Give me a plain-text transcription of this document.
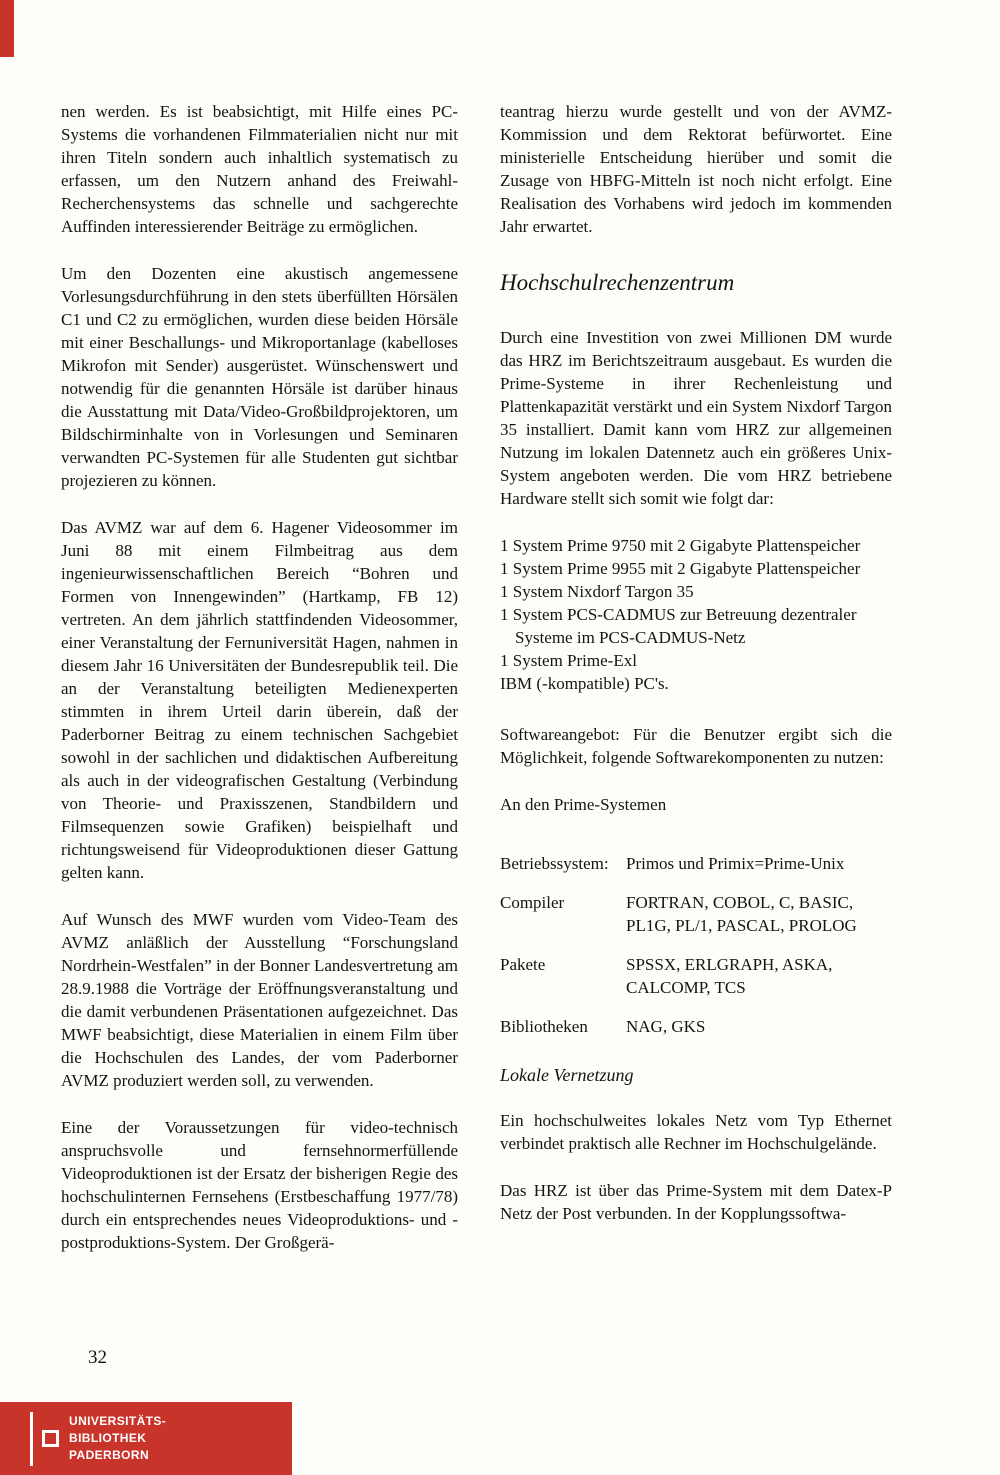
nen werden. Es ist beabsichtigt, mit Hilfe eines PC-Systems die vorhandenen Filmmaterialien nicht nur mit ihren Titeln sondern auch inhaltlich systematisch zu erfassen, um den Nutzern anhand des Freiwahl-Recherchensystems das schnelle und sachgerechte Auffinden interessierender Beiträge zu ermöglichen.

Um den Dozenten eine akustisch angemessene Vorlesungsdurchführung in den stets überfüllten Hörsälen C1 und C2 zu ermöglichen, wurden diese beiden Hörsäle mit einer Beschallungs- und Mikroportanlage (kabelloses Mikrofon mit Sender) ausgerüstet. Wünschenswert und notwendig für die genannten Hörsäle ist darüber hinaus die Ausstattung mit Data/Video-Großbildprojektoren, um Bildschirminhalte von in Vorlesungen und Seminaren verwandten PC-Systemen für alle Studenten gut sichtbar projezieren zu können.

Das AVMZ war auf dem 6. Hagener Videosommer im Juni 88 mit einem Filmbeitrag aus dem ingenieurwissenschaftlichen Bereich “Bohren und Formen von Innengewinden” (Hartkamp, FB 12) vertreten. An dem jährlich stattfindenden Videosommer, einer Veranstaltung der Fernuniversität Hagen, nahmen in diesem Jahr 16 Universitäten der Bundesrepublik teil. Die an der Veranstaltung beteiligten Medienexperten stimmten in ihrem Urteil darin überein, daß der Paderborner Beitrag zu einem technischen Sachgebiet sowohl in der sachlichen und didaktischen Aufbereitung als auch in der videografischen Gestaltung (Verbindung von Theorie- und Praxisszenen, Standbildern und Filmsequenzen sowie Grafiken) beispielhaft und richtungsweisend für Videoproduktionen dieser Gattung gelten kann.

Auf Wunsch des MWF wurden vom Video-Team des AVMZ anläßlich der Ausstellung “Forschungsland Nordrhein-Westfalen” in der Bonner Landesvertretung am 28.9.1988 die Vorträge der Eröffnungsveranstaltung und die damit verbundenen Präsentationen aufgezeichnet. Das MWF beabsichtigt, diese Materialien in einem Film über die Hochschulen des Landes, der vom Paderborner AVMZ produziert werden soll, zu verwenden.

Eine der Voraussetzungen für video-technisch anspruchsvolle und fernsehnormerfüllende Videoproduktionen ist der Ersatz der bisherigen Regie des hochschulinternen Fernsehens (Erstbeschaffung 1977/78) durch ein entsprechendes neues Videoproduktions- und -postproduktions-System. Der Großgerä-

teantrag hierzu wurde gestellt und von der AVMZ-Kommission und dem Rektorat befürwortet. Eine ministerielle Entscheidung hierüber und somit die Zusage von HBFG-Mitteln ist noch nicht erfolgt. Eine Realisation des Vorhabens wird jedoch im kommenden Jahr erwartet.

Hochschulrechenzentrum

Durch eine Investition von zwei Millionen DM wurde das HRZ im Berichtszeitraum ausgebaut. Es wurden die Prime-Systeme in ihrer Rechenleistung und Plattenkapazität verstärkt und ein System Nixdorf Targon 35 installiert. Damit kann vom HRZ zur allgemeinen Nutzung im lokalen Datennetz auch ein größeres Unix-System angeboten werden. Die vom HRZ betriebene Hardware stellt sich somit wie folgt dar:

1 System Prime 9750 mit 2 Gigabyte Plattenspeicher
1 System Prime 9955 mit 2 Gigabyte Plattenspeicher
1 System Nixdorf Targon 35
1 System PCS-CADMUS zur Betreuung dezentraler Systeme im PCS-CADMUS-Netz
1 System Prime-Exl
IBM (-kompatible) PC's.

Softwareangebot: Für die Benutzer ergibt sich die Möglichkeit, folgende Softwarekomponenten zu nutzen:

An den Prime-Systemen

Betriebssystem:	Primos und Primix=Prime-Unix
Compiler	FORTRAN, COBOL, C, BASIC, PL1G, PL/1, PASCAL, PROLOG
Pakete	SPSSX, ERLGRAPH, ASKA, CALCOMP, TCS
Bibliotheken	NAG, GKS
Lokale Vernetzung

Ein hochschulweites lokales Netz vom Typ Ethernet verbindet praktisch alle Rechner im Hochschulgelände.

Das HRZ ist über das Prime-System mit dem Datex-P Netz der Post verbunden. In der Kopplungssoftwa-

32
UNIVERSITÄTS-
BIBLIOTHEK
PADERBORN
